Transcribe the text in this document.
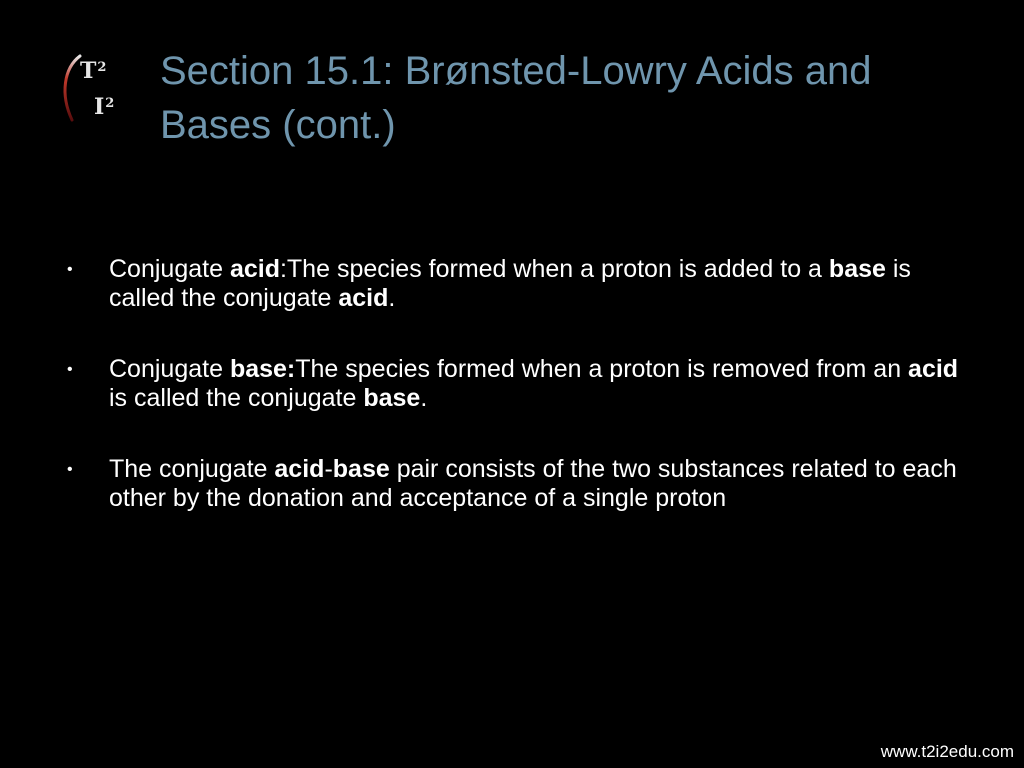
$T^2$
$I^2$
Section 15.1: Brønsted-Lowry Acids and Bases (cont.)
• Conjugate acid:The species formed when a proton is added to a base is called the conjugate acid.
• Conjugate base:The species formed when a proton is removed from an acid is called the conjugate base.
• The conjugate acid-base pair consists of the two substances related to each other by the donation and acceptance of a single proton
www.t2i2edu.com
